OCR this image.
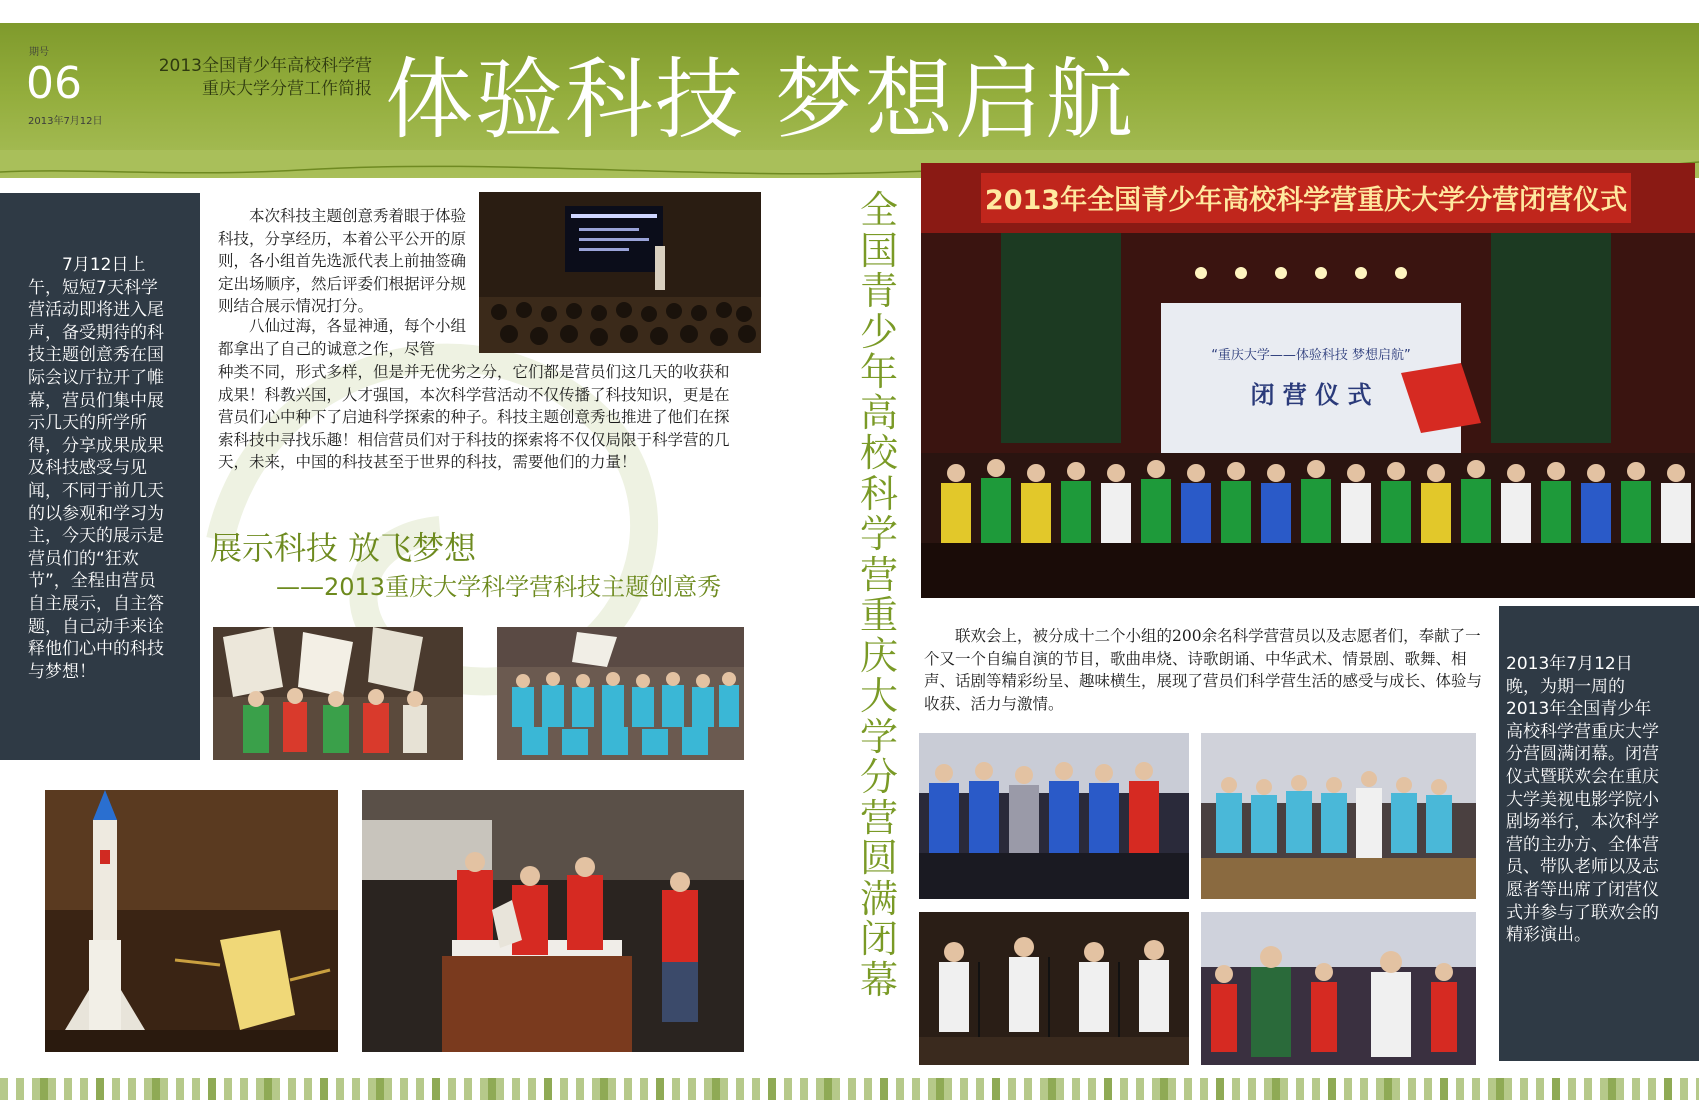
期号
06
2013年7月12日
2013全国青少年高校科学营
重庆大学分营工作简报 体验科技 梦想启航
7月12日上午，短短7天科学营活动即将进入尾声，备受期待的科技主题创意秀在国际会议厅拉开了帷幕，营员们集中展示几天的所学所得，分享成果成果及科技感受与见闻，不同于前几天的以参观和学习为主，今天的展示是营员们的“狂欢节”，全程由营员自主展示，自主答题，自己动手来诠释他们心中的科技与梦想！
本次科技主题创意秀着眼于体验科技，分享经历，本着公平公开的原则，各小组首先选派代表上前抽签确定出场顺序，然后评委们根据评分规则结合展示情况打分。
八仙过海，各显神通，每个小组都拿出了自己的诚意之作，尽管
种类不同，形式多样，但是并无优劣之分，它们都是营员们这几天的收获和成果！科教兴国，人才强国，本次科学营活动不仅传播了科技知识，更是在营员们心中种下了启迪科学探索的种子。科技主题创意秀也推进了他们在探索科技中寻找乐趣！相信营员们对于科技的探索将不仅仅局限于科学营的几天，未来，中国的科技甚至于世界的科技，需要他们的力量！
展示科技 放飞梦想
——2013重庆大学科学营科技主题创意秀
全国青少年高校科学营重庆大学分营圆满闭幕
2013年全国青少年高校科学营重庆大学分营闭营仪式
“重庆大学——体验科技 梦想启航”
闭 营 仪 式
联欢会上，被分成十二个小组的200余名科学营营员以及志愿者们，奉献了一个又一个自编自演的节目，歌曲串烧、诗歌朗诵、中华武术、情景剧、歌舞、相声、话剧等精彩纷呈、趣味横生，展现了营员们科学营生活的感受与成长、体验与收获、活力与激情。
2013年7月12日晚，为期一周的2013年全国青少年高校科学营重庆大学分营圆满闭幕。闭营仪式暨联欢会在重庆大学美视电影学院小剧场举行，本次科学营的主办方、全体营员、带队老师以及志愿者等出席了闭营仪式并参与了联欢会的精彩演出。
